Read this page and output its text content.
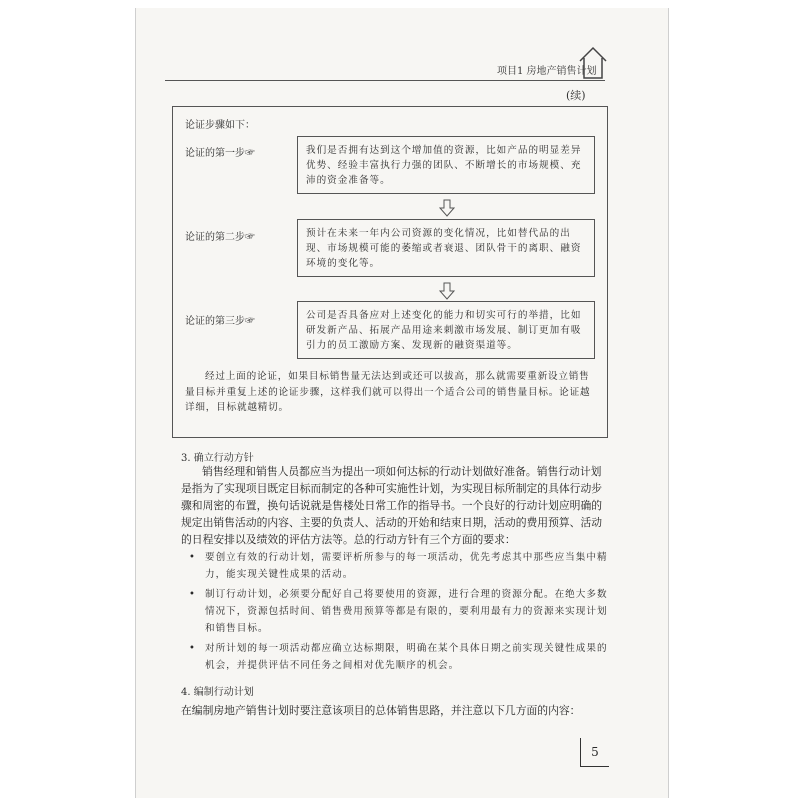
项目1 房地产销售计划
(续)
论证步骤如下：
论证的第一步☞	我们是否拥有达到这个增加值的资源，比如产品的明显差异优势、经验丰富执行力强的团队、不断增长的市场规模、充沛的资金准备等。
论证的第二步☞	预计在未来一年内公司资源的变化情况，比如替代品的出现、市场规模可能的萎缩或者衰退、团队骨干的离职、融资环境的变化等。
论证的第三步☞
公司是否具备应对上述变化的能力和切实可行的举措，比如研发新产品、拓展产品用途来刺激市场发展、制订更加有吸引力的员工激励方案、发现新的融资渠道等。
经过上面的论证，如果目标销售量无法达到或还可以拔高，那么就需要重新设立销售量目标并重复上述的论证步骤，这样我们就可以得出一个适合公司的销售量目标。论证越详细，目标就越精切。
3. 确立行动方针
销售经理和销售人员都应当为提出一项如何达标的行动计划做好准备。销售行动计划是指为了实现项目既定目标而制定的各种可实施性计划，为实现目标所制定的具体行动步骤和周密的布置，换句话说就是售楼处日常工作的指导书。一个良好的行动计划应明确的规定出销售活动的内容、主要的负责人、活动的开始和结束日期，活动的费用预算、活动的日程安排以及绩效的评估方法等。总的行动方针有三个方面的要求：
• 要创立有效的行动计划，需要评析所参与的每一项活动，优先考虑其中那些应当集中精力，能实现关键性成果的活动。
• 制订行动计划，必须要分配好自己将要使用的资源，进行合理的资源分配。在绝大多数情况下，资源包括时间、销售费用预算等都是有限的，要利用最有力的资源来实现计划和销售目标。
• 对所计划的每一项活动都应确立达标期限，明确在某个具体日期之前实现关键性成果的机会，并提供评估不同任务之间相对优先顺序的机会。
4. 编制行动计划
在编制房地产销售计划时要注意该项目的总体销售思路，并注意以下几方面的内容：
5
